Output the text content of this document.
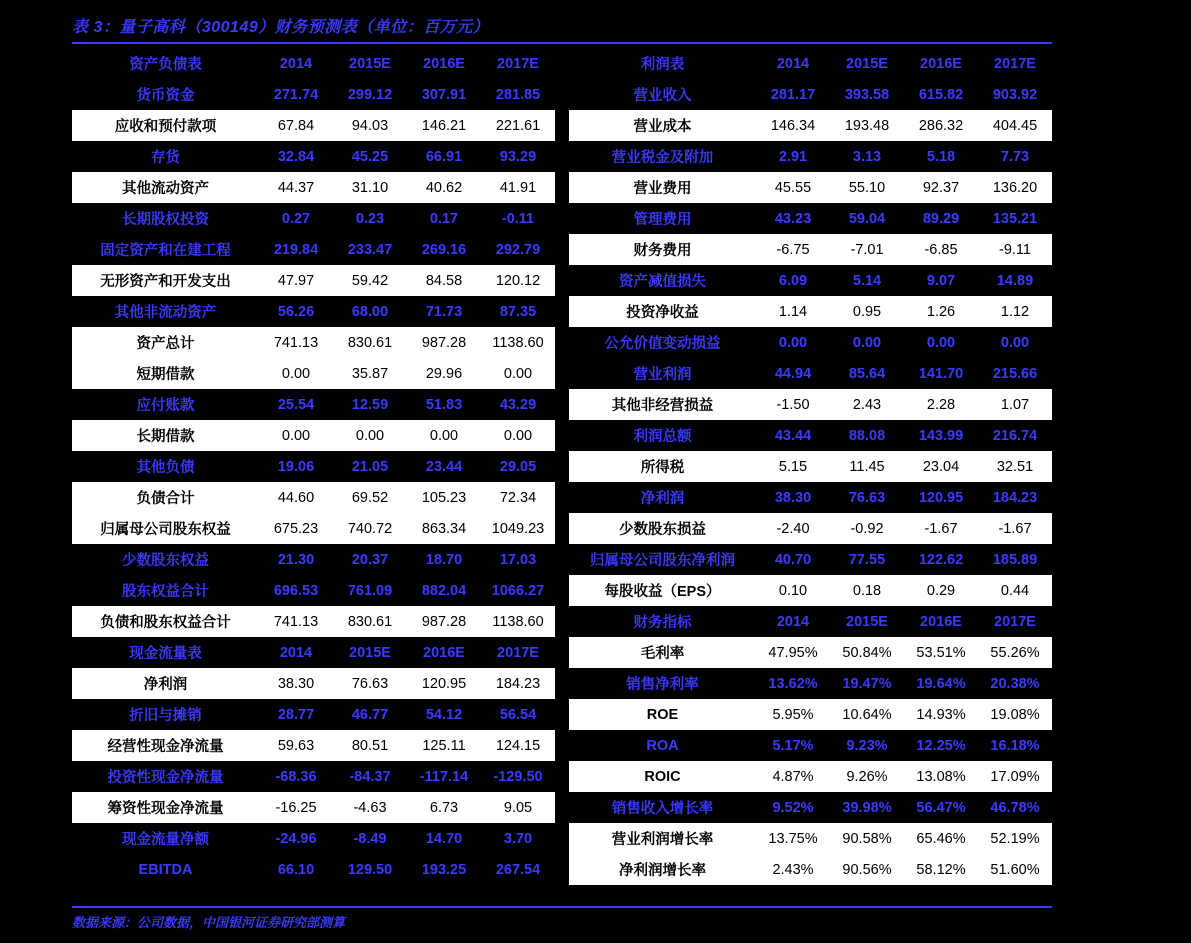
表 3：量子高科（300149）财务预测表（单位：百万元）
资产负债表	2014	2015E	2016E	2017E
货币资金	271.74	299.12	307.91	281.85
应收和预付款项	67.84	94.03	146.21	221.61
存货	32.84	45.25	66.91	93.29
其他流动资产	44.37	31.10	40.62	41.91
长期股权投资	0.27	0.23	0.17	-0.11
固定资产和在建工程	219.84	233.47	269.16	292.79
无形资产和开发支出	47.97	59.42	84.58	120.12
其他非流动资产	56.26	68.00	71.73	87.35
资产总计	741.13	830.61	987.28	1138.60
短期借款	0.00	35.87	29.96	0.00
应付账款	25.54	12.59	51.83	43.29
长期借款	0.00	0.00	0.00	0.00
其他负债	19.06	21.05	23.44	29.05
负债合计	44.60	69.52	105.23	72.34
归属母公司股东权益	675.23	740.72	863.34	1049.23
少数股东权益	21.30	20.37	18.70	17.03
股东权益合计	696.53	761.09	882.04	1066.27
负债和股东权益合计	741.13	830.61	987.28	1138.60
现金流量表	2014	2015E	2016E	2017E
净利润	38.30	76.63	120.95	184.23
折旧与摊销	28.77	46.77	54.12	56.54
经营性现金净流量	59.63	80.51	125.11	124.15
投资性现金净流量	-68.36	-84.37	-117.14	-129.50
筹资性现金净流量	-16.25	-4.63	6.73	9.05
现金流量净额	-24.96	-8.49	14.70	3.70
EBITDA	66.10	129.50	193.25	267.54
利润表	2014	2015E	2016E	2017E
营业收入	281.17	393.58	615.82	903.92
营业成本	146.34	193.48	286.32	404.45
营业税金及附加	2.91	3.13	5.18	7.73
营业费用	45.55	55.10	92.37	136.20
管理费用	43.23	59.04	89.29	135.21
财务费用	-6.75	-7.01	-6.85	-9.11
资产减值损失	6.09	5.14	9.07	14.89
投资净收益	1.14	0.95	1.26	1.12
公允价值变动损益	0.00	0.00	0.00	0.00
营业利润	44.94	85.64	141.70	215.66
其他非经营损益	-1.50	2.43	2.28	1.07
利润总额	43.44	88.08	143.99	216.74
所得税	5.15	11.45	23.04	32.51
净利润	38.30	76.63	120.95	184.23
少数股东损益	-2.40	-0.92	-1.67	-1.67
归属母公司股东净利润	40.70	77.55	122.62	185.89
每股收益（EPS）	0.10	0.18	0.29	0.44
财务指标	2014	2015E	2016E	2017E
毛利率	47.95%	50.84%	53.51%	55.26%
销售净利率	13.62%	19.47%	19.64%	20.38%
ROE	5.95%	10.64%	14.93%	19.08%
ROA	5.17%	9.23%	12.25%	16.18%
ROIC	4.87%	9.26%	13.08%	17.09%
销售收入增长率	9.52%	39.98%	56.47%	46.78%
营业利润增长率	13.75%	90.58%	65.46%	52.19%
净利润增长率	2.43%	90.56%	58.12%	51.60%
数据来源：公司数据，中国银河证券研究部测算
